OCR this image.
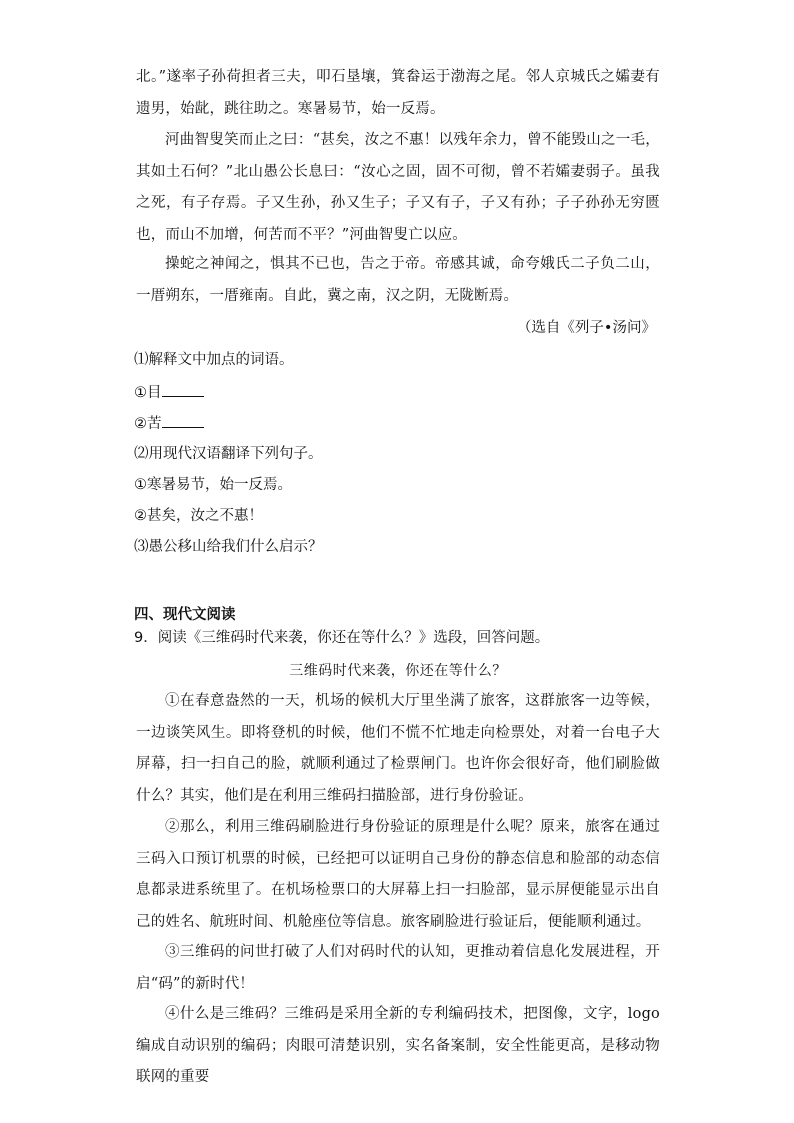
北。”遂率子孙荷担者三夫，叩石垦壤，箕畚运于渤海之尾。邻人京城氏之孀妻有遗男，始龀，跳往助之。寒暑易节，始一反焉。

河曲智叟笑而止之曰：“甚矣，汝之不惠！以残年余力，曾不能毁山之一毛，其如土石何？”北山愚公长息曰：“汝心之固，固不可彻，曾不若孀妻弱子。虽我之死，有子存焉。子又生孙，孙又生子；子又有子，子又有孙；子子孙孙无穷匮也，而山不加增，何苦而不平？”河曲智叟亡以应。

操蛇之神闻之，惧其不已也，告之于帝。帝感其诚，命夸娥氏二子负二山，一厝朔东，一厝雍南。自此，冀之南，汉之阴，无陇断焉。

（选自《列子•汤问》
⑴解释文中加点的词语。
①目
②苦
⑵用现代汉语翻译下列句子。
①寒暑易节，始一反焉。
②甚矣，汝之不惠！
⑶愚公移山给我们什么启示？
四、现代文阅读
9．阅读《三维码时代来袭，你还在等什么？》选段，回答问题。
三维码时代来袭，你还在等什么？

①在春意盎然的一天，机场的候机大厅里坐满了旅客，这群旅客一边等候，一边谈笑风生。即将登机的时候，他们不慌不忙地走向检票处，对着一台电子大屏幕，扫一扫自己的脸，就顺利通过了检票闸门。也许你会很好奇，他们刷脸做什么？其实，他们是在利用三维码扫描脸部，进行身份验证。

②那么，利用三维码刷脸进行身份验证的原理是什么呢？原来，旅客在通过三码入口预订机票的时候，已经把可以证明自己身份的静态信息和脸部的动态信息都录进系统里了。在机场检票口的大屏幕上扫一扫脸部，显示屏便能显示出自己的姓名、航班时间、机舱座位等信息。旅客刷脸进行验证后，便能顺利通过。

③三维码的问世打破了人们对码时代的认知，更推动着信息化发展进程，开启“码”的新时代！

④什么是三维码？三维码是采用全新的专利编码技术，把图像，文字，logo 编成自动识别的编码；肉眼可清楚识别，实名备案制，安全性能更高，是移动物联网的重要
